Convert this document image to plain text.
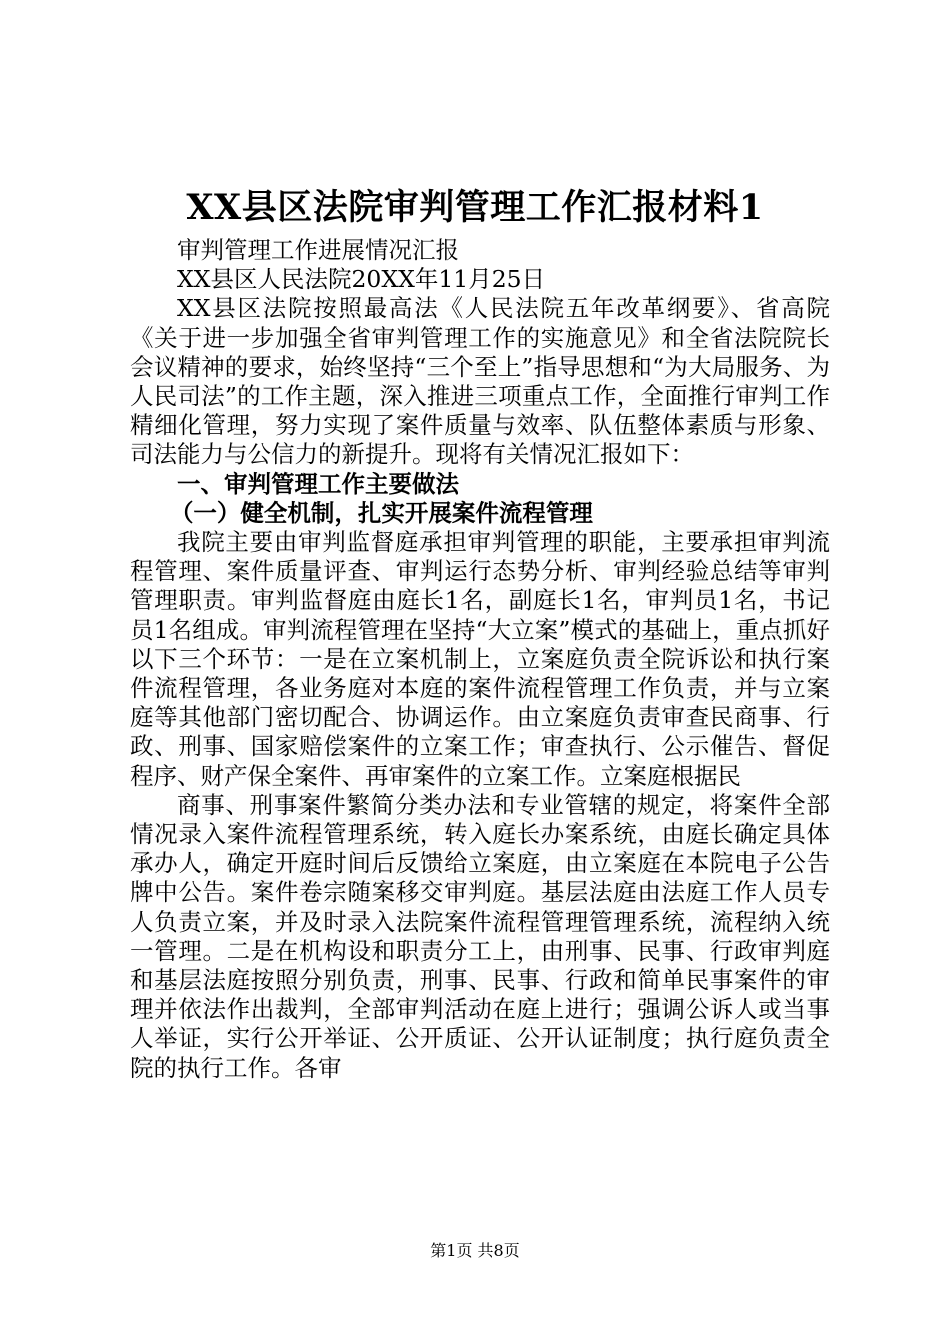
XX县区法院审判管理工作汇报材料1

审判管理工作进展情况汇报

XX县区人民法院20XX年11月25日

XX县区法院按照最高法《人民法院五年改革纲要》、省高院《关于进一步加强全省审判管理工作的实施意见》和全省法院院长会议精神的要求，始终坚持“三个至上”指导思想和“为大局服务、为人民司法”的工作主题，深入推进三项重点工作，全面推行审判工作精细化管理，努力实现了案件质量与效率、队伍整体素质与形象、司法能力与公信力的新提升。现将有关情况汇报如下：

一、审判管理工作主要做法
（一）健全机制，扎实开展案件流程管理

我院主要由审判监督庭承担审判管理的职能，主要承担审判流程管理、案件质量评查、审判运行态势分析、审判经验总结等审判管理职责。审判监督庭由庭长1名，副庭长1名，审判员1名，书记员1名组成。审判流程管理在坚持“大立案”模式的基础上，重点抓好以下三个环节：一是在立案机制上，立案庭负责全院诉讼和执行案件流程管理，各业务庭对本庭的案件流程管理工作负责，并与立案庭等其他部门密切配合、协调运作。由立案庭负责审查民商事、行政、刑事、国家赔偿案件的立案工作；审查执行、公示催告、督促程序、财产保全案件、再审案件的立案工作。立案庭根据民

商事、刑事案件繁简分类办法和专业管辖的规定，将案件全部情况录入案件流程管理系统，转入庭长办案系统，由庭长确定具体承办人，确定开庭时间后反馈给立案庭，由立案庭在本院电子公告牌中公告。案件卷宗随案移交审判庭。基层法庭由法庭工作人员专人负责立案，并及时录入法院案件流程管理管理系统，流程纳入统一管理。二是在机构设和职责分工上，由刑事、民事、行政审判庭和基层法庭按照分别负责，刑事、民事、行政和简单民事案件的审理并依法作出裁判，全部审判活动在庭上进行；强调公诉人或当事人举证，实行公开举证、公开质证、公开认证制度；执行庭负责全院的执行工作。各审

第1页 共8页
